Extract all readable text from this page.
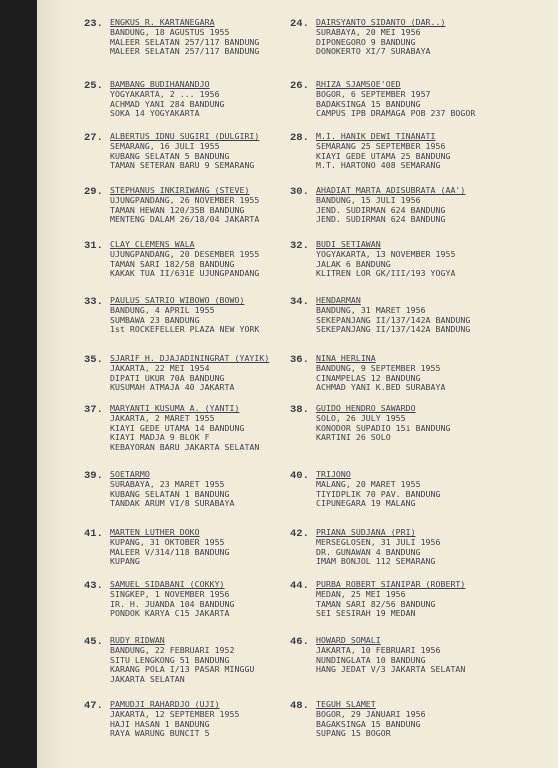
23. ENGKUS R. KARTANEGARA
BANDUNG, 18 AGUSTUS 1955
MALEER SELATAN 257/117 BANDUNG
MALEER SELATAN 257/117 BANDUNG
24. DAIRSYANTO SIDANTO (DAR..)
SURABAYA, 20 MEI 1956
DIPONEGORO 9 BANDUNG
DONOKERTO XI/7 SURABAYA
25. BAMBANG BUDIHANANDJO
YOGYAKARTA, 2 ... 1956
ACHMAD YANI 284 BANDUNG
SOKA 14 YOGYAKARTA
26. RHIZA SJAMSOE'OED
BOGOR, 6 SEPTEMBER 1957
BADAKSINGA 15 BANDUNG
CAMPUS IPB DRAMAGA POB 237 BOGOR
27. ALBERTUS IDNU SUGIRI (DULGIRI)
SEMARANG, 16 JULI 1955
KUBANG SELATAN 5 BANDUNG
TAMAN SETERAN BARU 9 SEMARANG
28. M.I. HANIK DEWI TINANATI
SEMARANG 25 SEPTEMBER 1956
KIAYI GEDE UTAMA 25 BANDUNG
M.T. HARTONO 408 SEMARANG
29. STEPHANUS INKIRIWANG (STEVE)
UJUNGPANDANG, 26 NOVEMBER 1955
TAMAN HEWAN 120/35B BANDUNG
MENTENG DALAM 26/18/04 JAKARTA
30. AHADIAT MARTA ADISUBRATA (AA')
BANDUNG, 15 JULI 1956
JEND. SUDIRMAN 624 BANDUNG
JEND. SUDIRMAN 624 BANDUNG
31. CLAY CLEMENS WALA
UJUNGPANDANG, 20 DESEMBER 1955
TAMAN SARI 182/58 BANDUNG
KAKAK TUA II/631E UJUNGPANDANG
32. BUDI SETIAWAN
YOGYAKARTA, 13 NOVEMBER 1955
JALAK 6 BANDUNG
KLITREN LOR GK/III/193 YOGYA
33. PAULUS SATRIO WIBOWO (BOWO)
BANDUNG, 4 APRIL 1955
SUMBAWA 23 BANDUNG
1st ROCKEFELLER PLAZA NEW YORK
34. HENDARMAN
BANDUNG, 31 MARET 1956
SEKEPANJANG II/137/142A BANDUNG
SEKEPANJANG II/137/142A BANDUNG
35. SJARIF H. DJAJADININGRAT (YAYIK)
JAKARTA, 22 MEI 1954
DIPATI UKUR 70A BANDUNG
KUSUMAH ATMAJA 40 JAKARTA
36. NINA HERLINA
BANDUNG, 9 SEPTEMBER 1955
CINAMPELAS 12 BANDUNG
ACHMAD YANI K.BED SURABAYA
37. MARYANTI KUSUMA A. (YANTI)
JAKARTA, 2 MARET 1955
KIAYI GEDE UTAMA 14 BANDUNG
KIAYI MADJA 9 BLOK F
KEBAYORAN BARU JAKARTA SELATAN
38. GUIDO HENDRO SAWARDO
SOLO, 26 JULY 1955
KONODOR SUPADIO 15i BANDUNG
KARTINI 26 SOLO
39. SOETARMO
SURABAYA, 23 MARET 1955
KUBANG SELATAN 1 BANDUNG
TANDAK ARUM VI/8 SURABAYA
40. TRIJONO
MALANG, 20 MARET 1955
TIYIDPLIK 70 PAV. BANDUNG
CIPUNEGARA 19 MALANG
41. MARTEN LUTHER DOKO
KUPANG, 31 OKTOBER 1955
MALEER V/314/118 BANDUNG
KUPANG
42. PRIANA SUDJANA (PRI)
MERSEGLOSEN, 31 JULI 1956
DR. GUNAWAN 4 BANDUNG
IMAM BONJOL 112 SEMARANG
43. SAMUEL SIDABANI (COKKY)
SINGKEP, 1 NOVEMBER 1956
IR. H. JUANDA 104 BANDUNG
PONDOK KARYA C15 JAKARTA
44. PURBA ROBERT SIANIPAR (ROBERT)
MEDAN, 25 MEI 1956
TAMAN SARI 82/56 BANDUNG
SEI SESIRAH 19 MEDAN
45. RUDY RIDWAN
BANDUNG, 22 FEBRUARI 1952
SITU LENGKONG 51 BANDUNG
KARANG POLA I/13 PASAR MINGGU
JAKARTA SELATAN
46. HOWARD SOMALI
JAKARTA, 10 FEBRUARI 1956
NUNDINGLATA 10 BANDUNG
HANG JEDAT V/3 JAKARTA SELATAN
47. PAMUDJI RAHARDJO (UJI)
JAKARTA, 12 SEPTEMBER 1955
HAJI HASAN 1 BANDUNG
RAYA WARUNG BUNCIT 5
48. TEGUH SLAMET
BOGOR, 29 JANUARI 1956
BAGAKSINGA 15 BANDUNG
SUPANG 15 BOGOR
